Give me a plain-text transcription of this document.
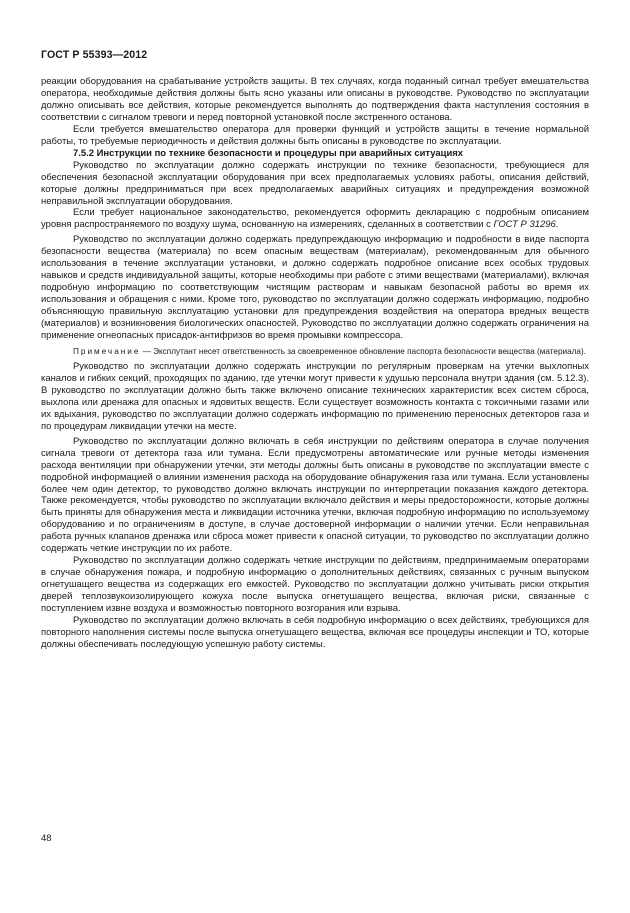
ГОСТ Р 55393—2012

реакции оборудования на срабатывание устройств защиты. В тех случаях, когда поданный сигнал требует вмешательства оператора, необходимые действия должны быть ясно указаны или описаны в руководстве. Руководство по эксплуатации должно описывать все действия, которые рекомендуется выполнять до подтверждения факта наступления состояния в соответствии с сигналом тревоги и перед повторной установкой после экстренного останова.

Если требуется вмешательство оператора для проверки функций и устройств защиты в течение нормальной работы, то требуемые периодичность и действия должны быть описаны в руководстве по эксплуатации.

7.5.2 Инструкции по технике безопасности и процедуры при аварийных ситуациях

Руководство по эксплуатации должно содержать инструкции по технике безопасности, требующиеся для обеспечения безопасной эксплуатации оборудования при всех предполагаемых условиях работы, описания действий, которые должны предприниматься при всех предполагаемых аварийных ситуациях и предупреждения возможной неправильной эксплуатации оборудования.

Если требует национальное законодательство, рекомендуется оформить декларацию с подробным описанием уровня распространяемого по воздуху шума, основанную на измерениях, сделанных в соответствии с ГОСТ Р 31296.

Руководство по эксплуатации должно содержать предупреждающую информацию и подробности в виде паспорта безопасности вещества (материала) по всем опасным веществам (материалам), рекомендованным для обычного использования в течение эксплуатации установки, и должно содержать подробное описание всех особых трудовых навыков и средств индивидуальной защиты, которые необходимы при работе с этими веществами (материалами), включая подробную информацию по соответствующим чистящим растворам и навыкам безопасной работы во время их использования и обращения с ними. Кроме того, руководство по эксплуатации должно содержать информацию, подробно объясняющую правильную эксплуатацию установки для предупреждения воздействия на оператора вредных веществ (материалов) и возникновения биологических опасностей. Руководство по эксплуатации должно содержать ограничения на применение огнеопасных присадок-антифризов во время промывки компрессора.

Примечание — Эксплутант несет ответственность за своевременное обновление паспорта безопасности вещества (материала).

Руководство по эксплуатации должно содержать инструкции по регулярным проверкам на утечки выхлопных каналов и гибких секций, проходящих по зданию, где утечки могут привести к удушью персонала внутри здания (см. 5.12.3). В руководство по эксплуатации должно быть также включено описание технических характеристик всех систем сброса, выхлопа или дренажа для опасных и ядовитых веществ. Если существует возможность контакта с токсичными газами или их вдыхания, руководство по эксплуатации должно содержать информацию по применению переносных детекторов газа и по процедурам ликвидации утечки на месте.

Руководство по эксплуатации должно включать в себя инструкции по действиям оператора в случае получения сигнала тревоги от детектора газа или тумана. Если предусмотрены автоматические или ручные методы изменения расхода вентиляции при обнаружении утечки, эти методы должны быть описаны в руководстве по эксплуатации вместе с подробной информацией о влиянии изменения расхода на оборудование обнаружения газа или тумана. Если установлены более чем один детектор, то руководство должно включать инструкции по интерпретации показания каждого детектора. Также рекомендуется, чтобы руководство по эксплуатации включало действия и меры предосторожности, которые должны быть приняты для обнаружения места и ликвидации источника утечки, включая подробную информацию по используемому оборудованию и по ограничениям в доступе, в случае достоверной информации о наличии утечки. Если неправильная работа ручных клапанов дренажа или сброса может привести к опасной ситуации, то руководство по эксплуатации должно содержать четкие инструкции по их работе.

Руководство по эксплуатации должно содержать четкие инструкции по действиям, предпринимаемым операторами в случае обнаружения пожара, и подробную информацию о дополнительных действиях, связанных с ручным выпуском огнетушащего вещества из содержащих его емкостей. Руководство по эксплуатации должно учитывать риски открытия дверей теплозвукоизолирующего кожуха после выпуска огнетушащего вещества, включая риски, связанные с поступлением извне воздуха и возможностью повторного возгорания или взрыва.

Руководство по эксплуатации должно включать в себя подробную информацию о всех действиях, требующихся для повторного наполнения системы после выпуска огнетушащего вещества, включая все процедуры инспекции и ТО, которые должны обеспечивать последующую успешную работу системы.

48
